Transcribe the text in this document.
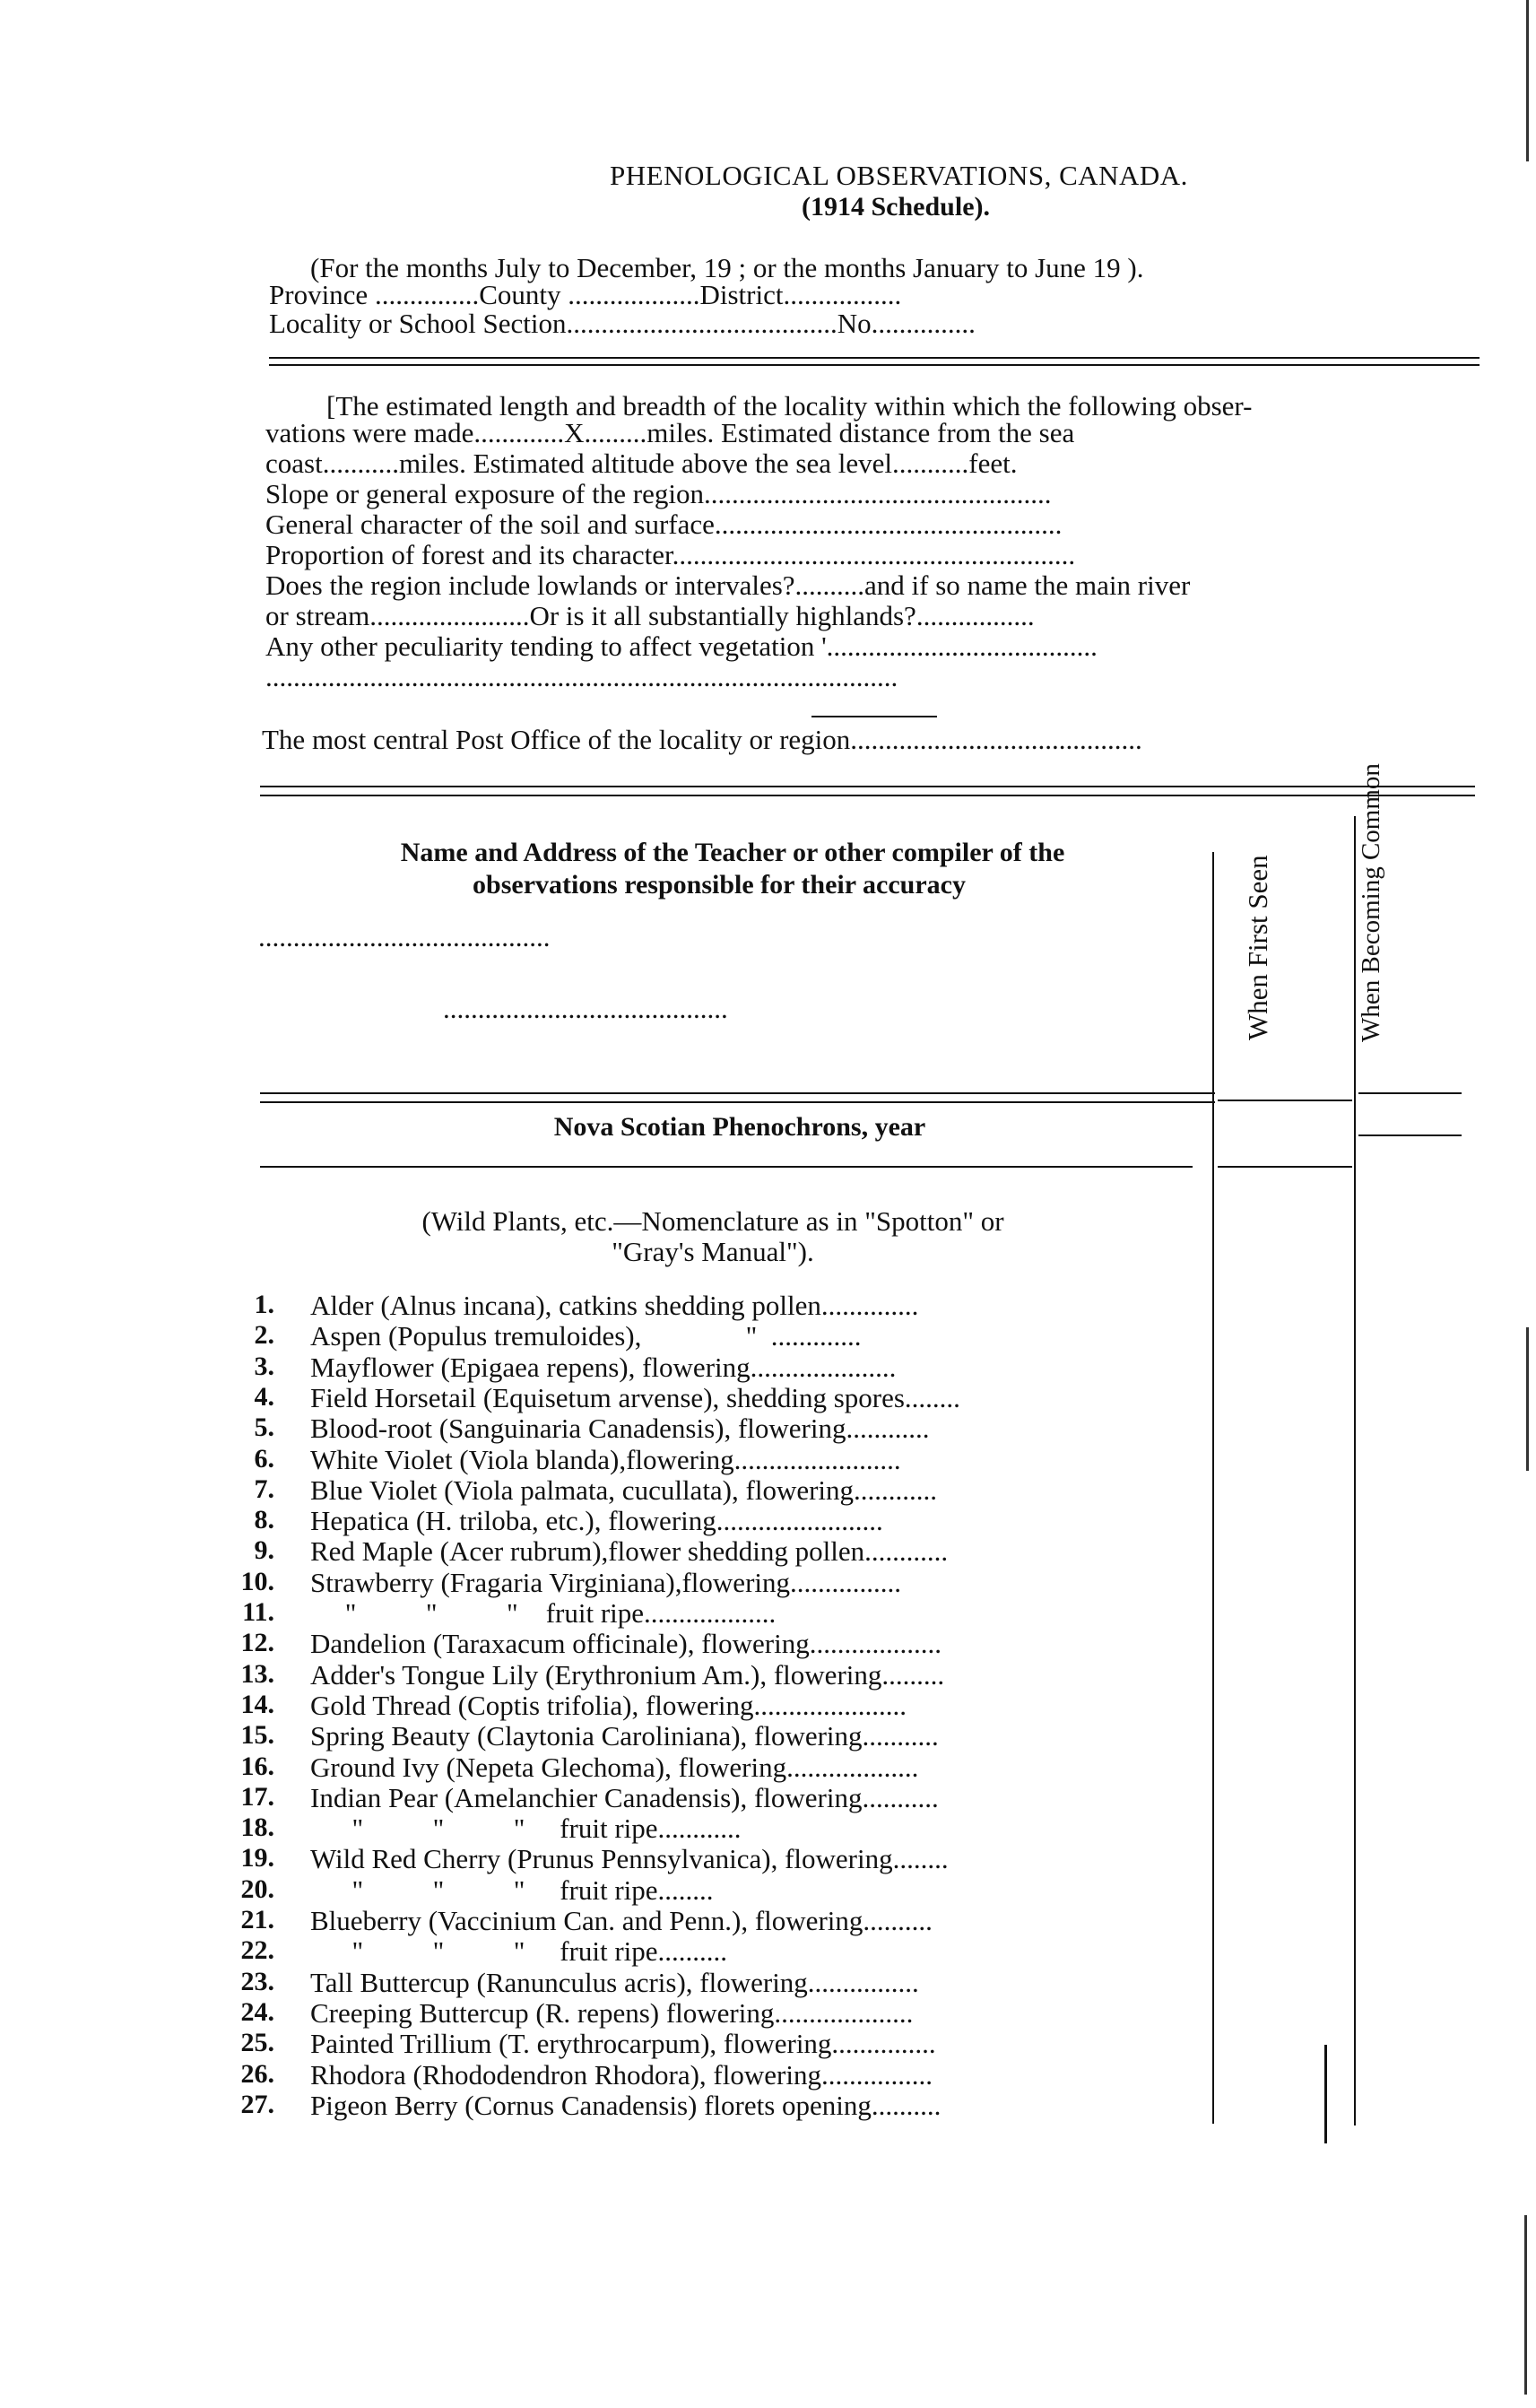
PHENOLOGICAL OBSERVATIONS, CANADA.
(1914 Schedule).
(For the months July to December, 19 ; or the months January to June 19 ).
Province ...............County ...................District.................
Locality or School Section.......................................No...............
[The estimated length and breadth of the locality within which the following obser-
vations were made.............X.........miles. Estimated distance from the sea
coast...........miles. Estimated altitude above the sea level...........feet.
Slope or general exposure of the region..................................................
General character of the soil and surface..................................................
Proportion of forest and its character..........................................................
Does the region include lowlands or intervales?..........and if so name the main river
or stream.......................Or is it all substantially highlands?.................
Any other peculiarity tending to affect vegetation '.......................................
...........................................................................................
The most central Post Office of the locality or region..........................................
Name and Address of the Teacher or other compiler of the
observations responsible for their accuracy
..........................................
.........................................	When First Seen	When Becoming Common
Nova Scotian Phenochrons, year
(Wild Plants, etc.—Nomenclature as in "Spotton" or
"Gray's Manual").
1. Alder (Alnus incana), catkins shedding pollen..............
2. Aspen (Populus tremuloides),               "  .............
3. Mayflower (Epigaea repens), flowering.....................
4. Field Horsetail (Equisetum arvense), shedding spores........
5. Blood-root (Sanguinaria Canadensis), flowering............
6. White Violet (Viola blanda),flowering........................
7. Blue Violet (Viola palmata, cucullata), flowering............
8. Hepatica (H. triloba, etc.), flowering........................
9. Red Maple (Acer rubrum),flower shedding pollen............
10. Strawberry (Fragaria Virginiana),flowering................
11. "          "          "    fruit ripe...................
12. Dandelion (Taraxacum officinale), flowering...................
13. Adder's Tongue Lily (Erythronium Am.), flowering.........
14. Gold Thread (Coptis trifolia), flowering......................
15. Spring Beauty (Claytonia Caroliniana), flowering...........
16. Ground Ivy (Nepeta Glechoma), flowering...................
17. Indian Pear (Amelanchier Canadensis), flowering...........
18. "          "          "     fruit ripe............
19. Wild Red Cherry (Prunus Pennsylvanica), flowering........
20. "          "          "     fruit ripe........
21. Blueberry (Vaccinium Can. and Penn.), flowering..........
22. "          "          "     fruit ripe..........
23. Tall Buttercup (Ranunculus acris), flowering................
24. Creeping Buttercup (R. repens) flowering....................
25. Painted Trillium (T. erythrocarpum), flowering...............
26. Rhodora (Rhododendron Rhodora), flowering................
27. Pigeon Berry (Cornus Canadensis) florets opening..........
